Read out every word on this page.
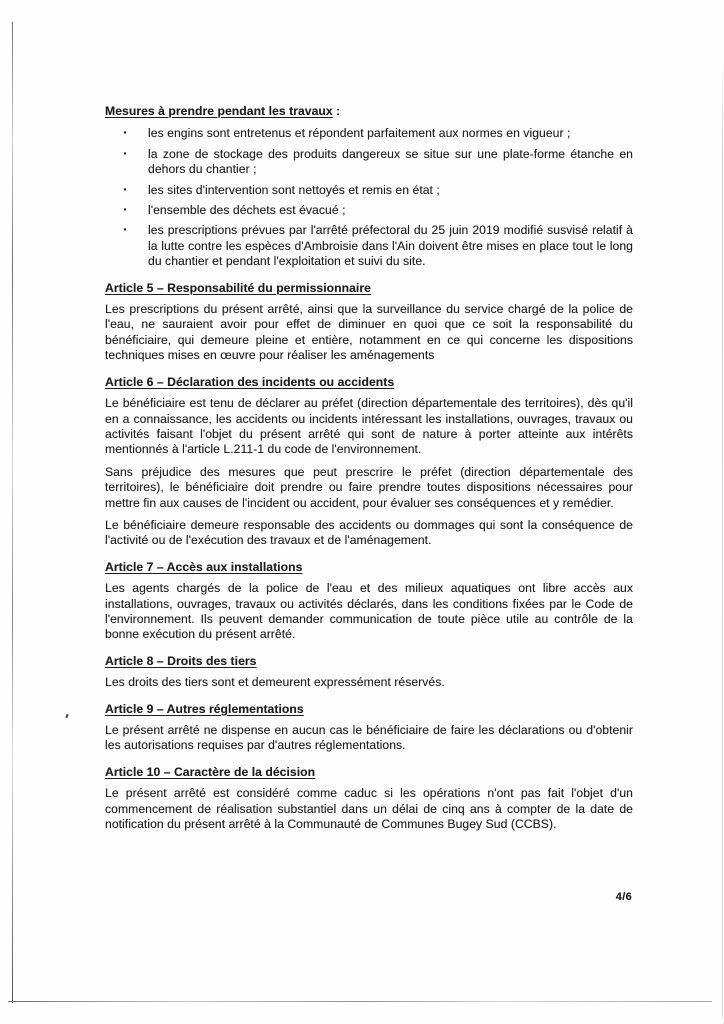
Mesures à prendre pendant les travaux :

· les engins sont entretenus et répondent parfaitement aux normes en vigueur ;
· la zone de stockage des produits dangereux se situe sur une plate-forme étanche en dehors du chantier ;
· les sites d'intervention sont nettoyés et remis en état ;
· l'ensemble des déchets est évacué ;
· les prescriptions prévues par l'arrêté préfectoral du 25 juin 2019 modifié susvisé relatif à la lutte contre les espèces d'Ambroisie dans l'Ain doivent être mises en place tout le long du chantier et pendant l'exploitation et suivi du site.
Article 5 – Responsabilité du permissionnaire

Les prescriptions du présent arrêté, ainsi que la surveillance du service chargé de la police de l'eau, ne sauraient avoir pour effet de diminuer en quoi que ce soit la responsabilité du bénéficiaire, qui demeure pleine et entière, notamment en ce qui concerne les dispositions techniques mises en œuvre pour réaliser les aménagements

Article 6 – Déclaration des incidents ou accidents

Le bénéficiaire est tenu de déclarer au préfet (direction départementale des territoires), dès qu'il en a connaissance, les accidents ou incidents intéressant les installations, ouvrages, travaux ou activités faisant l'objet du présent arrêté qui sont de nature à porter atteinte aux intérêts mentionnés à l'article L.211-1 du code de l'environnement.

Sans préjudice des mesures que peut prescrire le préfet (direction départementale des territoires), le bénéficiaire doit prendre ou faire prendre toutes dispositions nécessaires pour mettre fin aux causes de l'incident ou accident, pour évaluer ses conséquences et y remédier.

Le bénéficiaire demeure responsable des accidents ou dommages qui sont la conséquence de l'activité ou de l'exécution des travaux et de l'aménagement.

Article 7 – Accès aux installations

Les agents chargés de la police de l'eau et des milieux aquatiques ont libre accès aux installations, ouvrages, travaux ou activités déclarés, dans les conditions fixées par le Code de l'environnement. Ils peuvent demander communication de toute pièce utile au contrôle de la bonne exécution du présent arrêté.

Article 8 – Droits des tiers

Les droits des tiers sont et demeurent expressément réservés.

Article 9 – Autres réglementations

Le présent arrêté ne dispense en aucun cas le bénéficiaire de faire les déclarations ou d'obtenir les autorisations requises par d'autres réglementations.

Article 10 – Caractère de la décision

Le présent arrêté est considéré comme caduc si les opérations n'ont pas fait l'objet d'un commencement de réalisation substantiel dans un délai de cinq ans à compter de la date de notification du présent arrêté à la Communauté de Communes Bugey Sud (CCBS).

4/6
